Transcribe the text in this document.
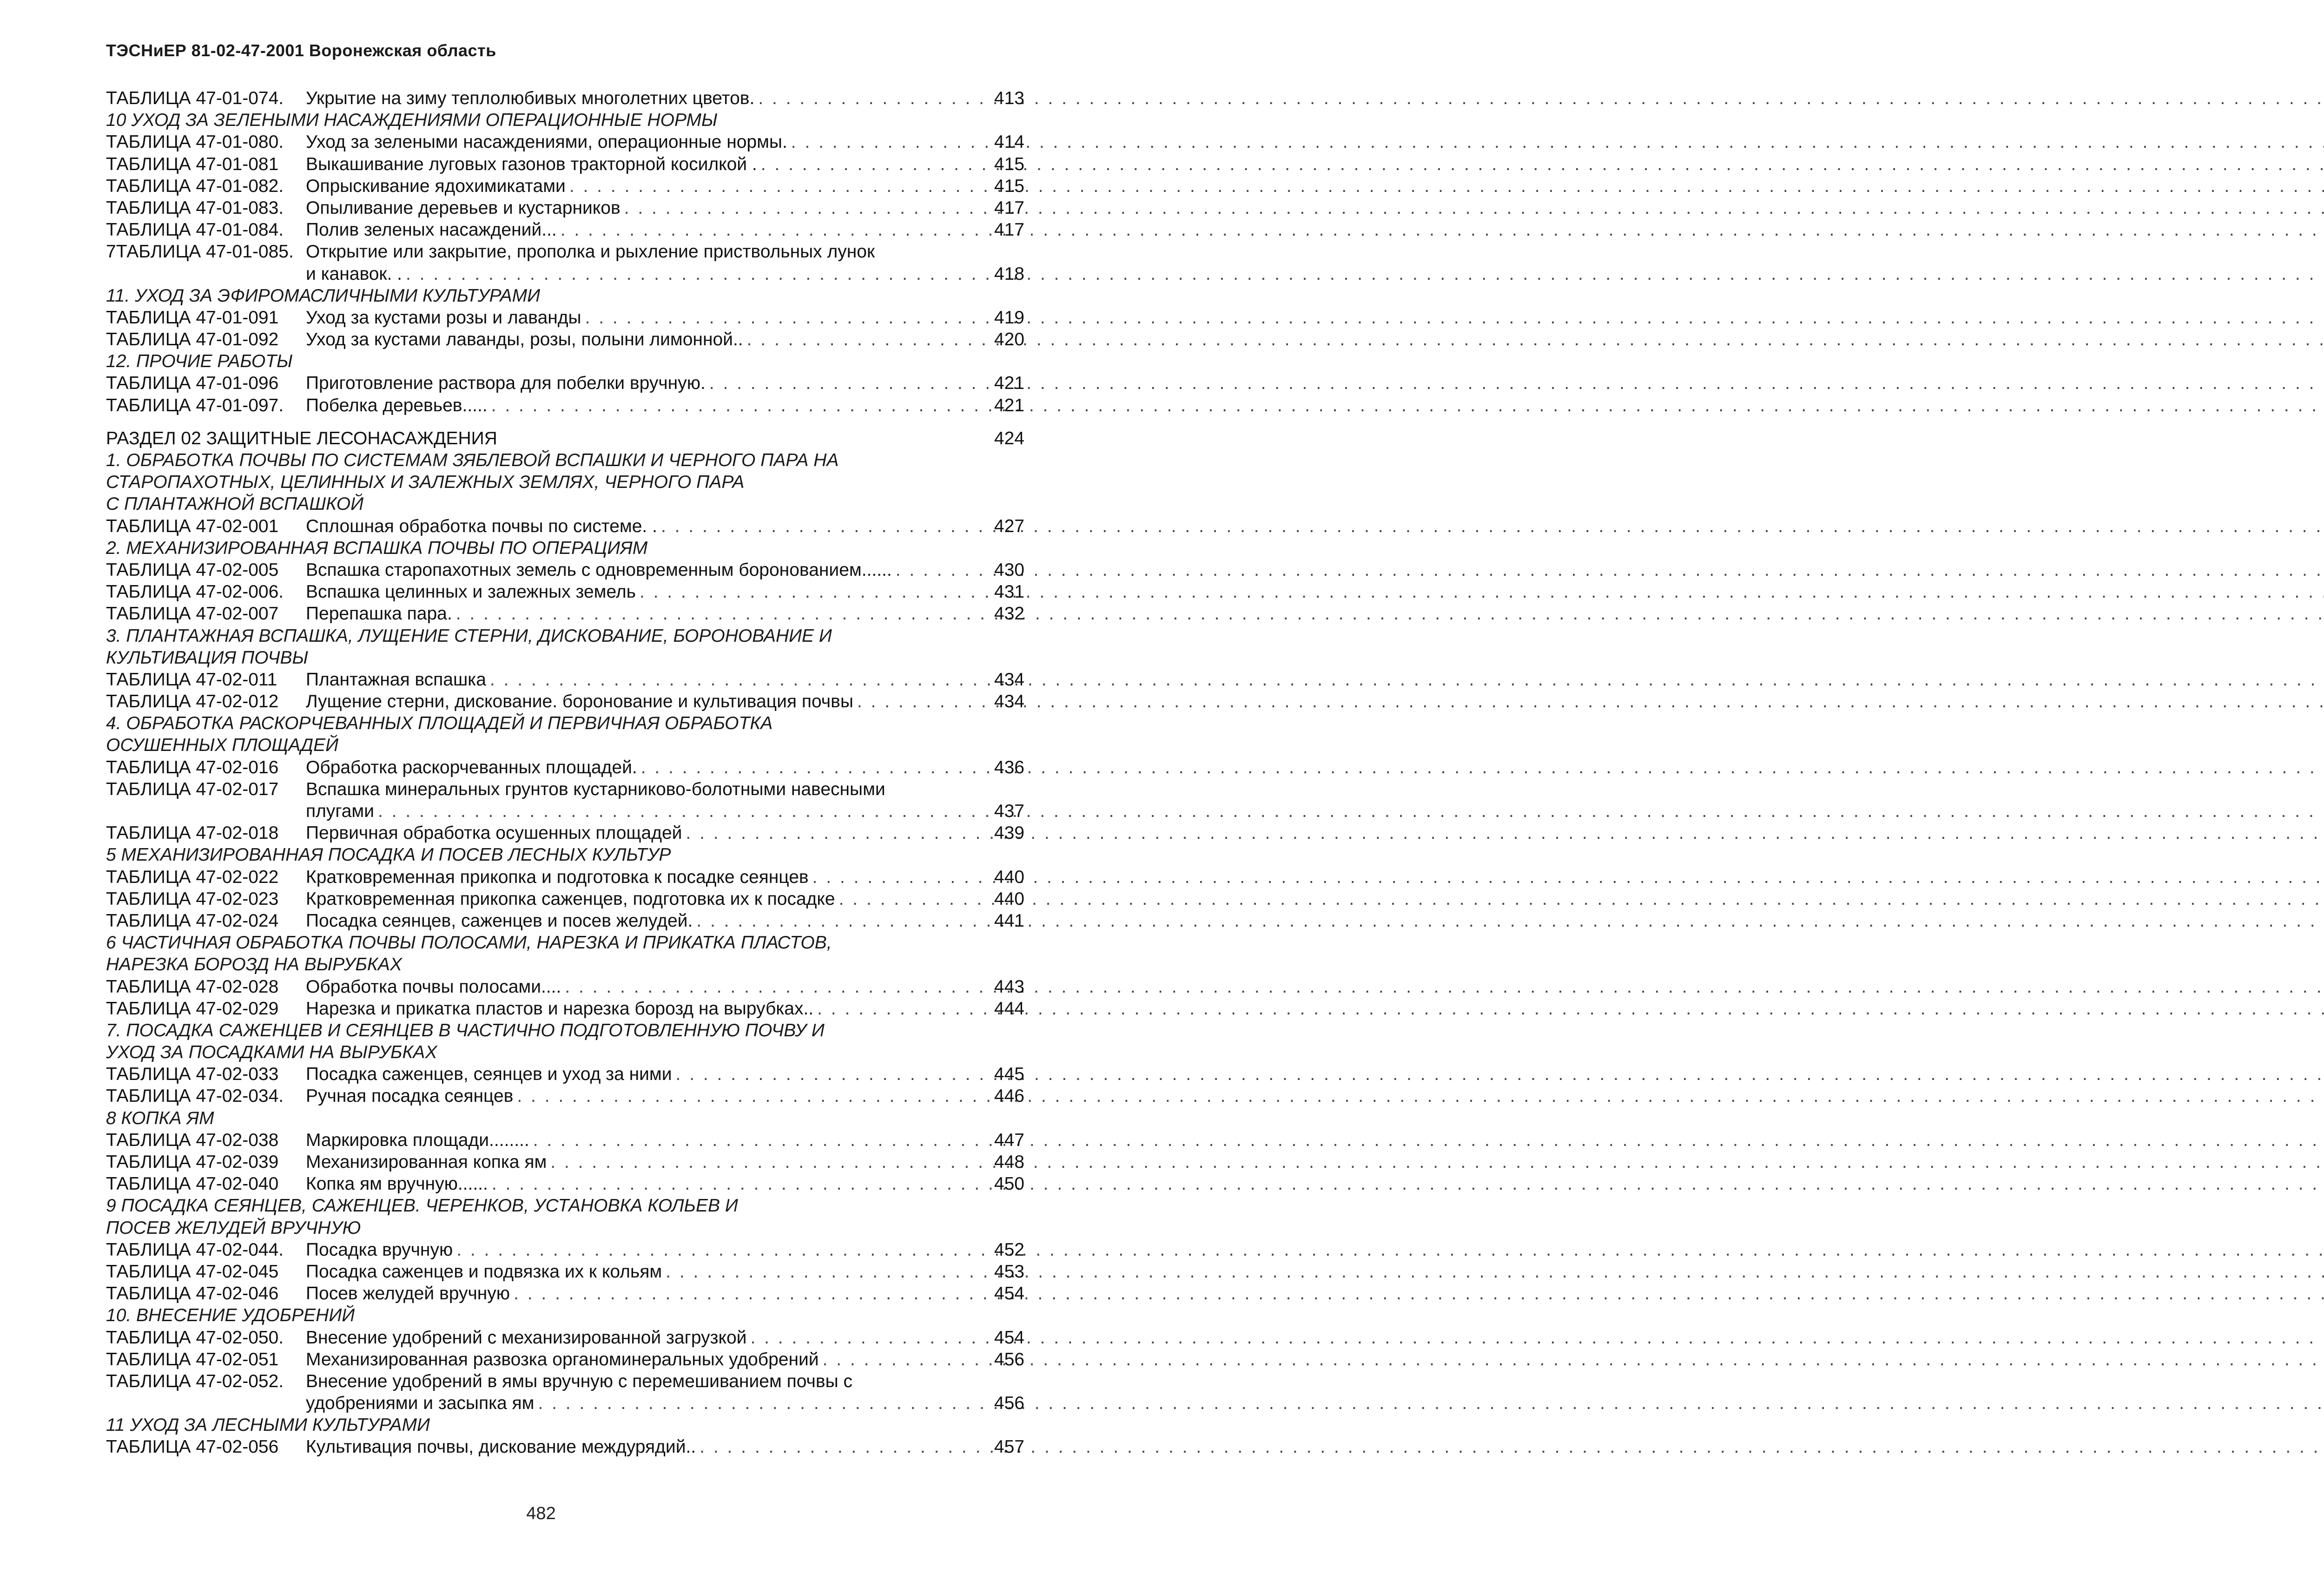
ТЭСНиЕР 81-02-47-2001 Воронежская область
ТАБЛИЦА 47-01-074.	Укрытие на зиму теплолюбивых многолетних цветов. . . .	413
10 УХОД ЗА ЗЕЛЕНЫМИ НАСАЖДЕНИЯМИ ОПЕРАЦИОННЫЕ НОРМЫ
ТАБЛИЦА 47-01-080.	Уход за зелеными насаждениями, операционные нормы. . . .	414
ТАБЛИЦА 47-01-081	Выкашивание луговых газонов тракторной косилкой . . . .	415
ТАБЛИЦА 47-01-082.	Опрыскивание ядохимикатами . . .	415
ТАБЛИЦА 47-01-083.	Опыливание деревьев и кустарников . . .	417
ТАБЛИЦА 47-01-084.	Полив зеленых насаждений... . . .	417
7ТАБЛИЦА 47-01-085. Открытие или закрытие, прополка и рыхление приствольных лунок
и канавок. . . . .	418
11. УХОД ЗА ЭФИРОМАСЛИЧНЫМИ КУЛЬТУРАМИ
ТАБЛИЦА 47-01-091	Уход за кустами розы и лаванды . . .	419
ТАБЛИЦА 47-01-092	Уход за кустами лаванды, розы, полыни лимонной.. . . .	420
12. ПРОЧИЕ РАБОТЫ
ТАБЛИЦА 47-01-096	Приготовление раствора для побелки вручную. . . .	421
ТАБЛИЦА 47-01-097.	Побелка деревьев..... . . .	421
РАЗДЕЛ 02 ЗАЩИТНЫЕ ЛЕСОНАСАЖДЕНИЯ	424
1. ОБРАБОТКА ПОЧВЫ ПО СИСТЕМАМ ЗЯБЛЕВОЙ ВСПАШКИ И ЧЕРНОГО ПАРА НА
СТАРОПАХОТНЫХ, ЦЕЛИННЫХ И ЗАЛЕЖНЫХ ЗЕМЛЯХ, ЧЕРНОГО ПАРА
С ПЛАНТАЖНОЙ ВСПАШКОЙ
ТАБЛИЦА 47-02-001	Сплошная обработка почвы по системе. . . . .	427
2. МЕХАНИЗИРОВАННАЯ ВСПАШКА ПОЧВЫ ПО ОПЕРАЦИЯМ
ТАБЛИЦА 47-02-005	Вспашка старопахотных земель с одновременным боронованием...... . . .	430
ТАБЛИЦА 47-02-006.	Вспашка целинных и залежных земель . . .	431
ТАБЛИЦА 47-02-007	Перепашка пара. . . .	432
3. ПЛАНТАЖНАЯ ВСПАШКА, ЛУЩЕНИЕ СТЕРНИ, ДИСКОВАНИЕ, БОРОНОВАНИЕ И
КУЛЬТИВАЦИЯ ПОЧВЫ
ТАБЛИЦА 47-02-011	Плантажная вспашка . . .	434
ТАБЛИЦА 47-02-012	Лущение стерни, дискование. боронование и культивация почвы . . .	434
4. ОБРАБОТКА РАСКОРЧЕВАННЫХ ПЛОЩАДЕЙ И ПЕРВИЧНАЯ ОБРАБОТКА
ОСУШЕННЫХ ПЛОЩАДЕЙ
ТАБЛИЦА 47-02-016	Обработка раскорчеванных площадей. . . .	436
ТАБЛИЦА 47-02-017	Вспашка минеральных грунтов кустарниково-болотными навесными
плугами . . .	437
ТАБЛИЦА 47-02-018	Первичная обработка осушенных площадей . . .	439
5 МЕХАНИЗИРОВАННАЯ ПОСАДКА И ПОСЕВ ЛЕСНЫХ КУЛЬТУР
ТАБЛИЦА 47-02-022	Кратковременная прикопка и подготовка к посадке сеянцев . . .	440
ТАБЛИЦА 47-02-023	Кратковременная прикопка саженцев, подготовка их к посадке . . .	440
ТАБЛИЦА 47-02-024	Посадка сеянцев, саженцев и посев желудей. . . .	441
6 ЧАСТИЧНАЯ ОБРАБОТКА ПОЧВЫ ПОЛОСАМИ, НАРЕЗКА И ПРИКАТКА ПЛАСТОВ,
НАРЕЗКА БОРОЗД НА ВЫРУБКАХ
ТАБЛИЦА 47-02-028	Обработка почвы полосами.... . . .	443
ТАБЛИЦА 47-02-029	Нарезка и прикатка пластов и нарезка борозд на вырубках.. . . .	444
7. ПОСАДКА САЖЕНЦЕВ И СЕЯНЦЕВ В ЧАСТИЧНО ПОДГОТОВЛЕННУЮ ПОЧВУ И
УХОД ЗА ПОСАДКАМИ НА ВЫРУБКАХ
ТАБЛИЦА 47-02-033	Посадка саженцев, сеянцев и уход за ними . . .	445
ТАБЛИЦА 47-02-034.	Ручная посадка сеянцев . . .	446
8 КОПКА ЯМ
ТАБЛИЦА 47-02-038	Маркировка площади........ . . .	447
ТАБЛИЦА 47-02-039	Механизированная копка ям . . .	448
ТАБЛИЦА 47-02-040	Копка ям вручную...... . . .	450
9 ПОСАДКА СЕЯНЦЕВ, САЖЕНЦЕВ. ЧЕРЕНКОВ, УСТАНОВКА КОЛЬЕВ И
ПОСЕВ ЖЕЛУДЕЙ ВРУЧНУЮ
ТАБЛИЦА 47-02-044.	Посадка вручную . . .	452
ТАБЛИЦА 47-02-045	Посадка саженцев и подвязка их к кольям . . .	453
ТАБЛИЦА 47-02-046	Посев желудей вручную . . .	454
10. ВНЕСЕНИЕ УДОБРЕНИЙ
ТАБЛИЦА 47-02-050.	Внесение удобрений с механизированной загрузкой . . .	454
ТАБЛИЦА 47-02-051	Механизированная развозка органоминеральных удобрений . . .	456
ТАБЛИЦА 47-02-052.	Внесение удобрений в ямы вручную с перемешиванием почвы с
удобрениями и засыпка ям . . .	456
11 УХОД ЗА ЛЕСНЫМИ КУЛЬТУРАМИ
ТАБЛИЦА 47-02-056	Культивация почвы, дискование междурядий.. . . .	457
482
